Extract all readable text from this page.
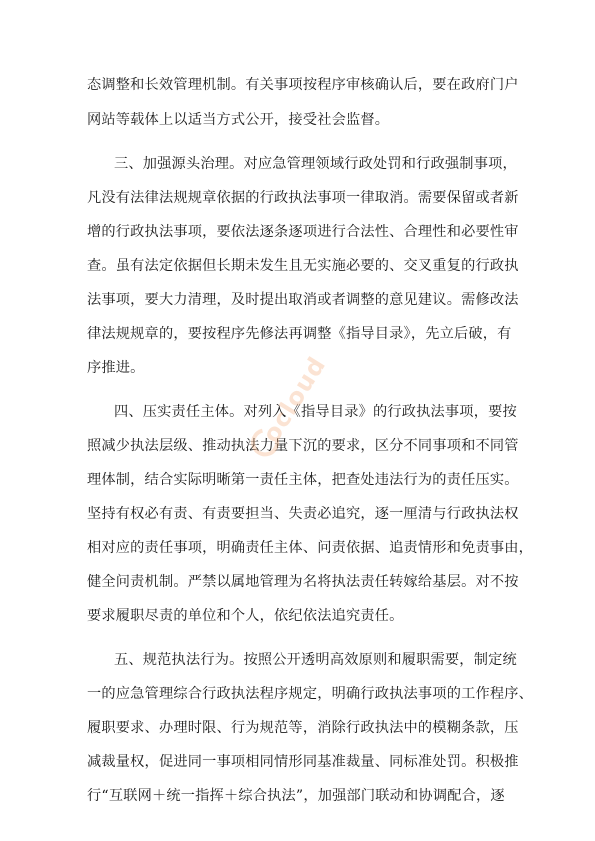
态调整和长效管理机制。有关事项按程序审核确认后，要在政府门户
网站等载体上以适当方式公开，接受社会监督。
三、加强源头治理。对应急管理领域行政处罚和行政强制事项，
凡没有法律法规规章依据的行政执法事项一律取消。需要保留或者新
增的行政执法事项，要依法逐条逐项进行合法性、合理性和必要性审
查。虽有法定依据但长期未发生且无实施必要的、交叉重复的行政执
法事项，要大力清理，及时提出取消或者调整的意见建议。需修改法
律法规规章的，要按程序先修法再调整《指导目录》，先立后破，有
序推进。
四、压实责任主体。对列入《指导目录》的行政执法事项，要按
照减少执法层级、推动执法力量下沉的要求，区分不同事项和不同管
理体制，结合实际明晰第一责任主体，把查处违法行为的责任压实。
坚持有权必有责、有责要担当、失责必追究，逐一厘清与行政执法权
相对应的责任事项，明确责任主体、问责依据、追责情形和免责事由，
健全问责机制。严禁以属地管理为名将执法责任转嫁给基层。对不按
要求履职尽责的单位和个人，依纪依法追究责任。
五、规范执法行为。按照公开透明高效原则和履职需要，制定统
一的应急管理综合行政执法程序规定，明确行政执法事项的工作程序、
履职要求、办理时限、行为规范等，消除行政执法中的模糊条款，压
减裁量权，促进同一事项相同情形同基准裁量、同标准处罚。积极推
行“互联网＋统一指挥＋综合执法”，加强部门联动和协调配合，逐
ocloud
